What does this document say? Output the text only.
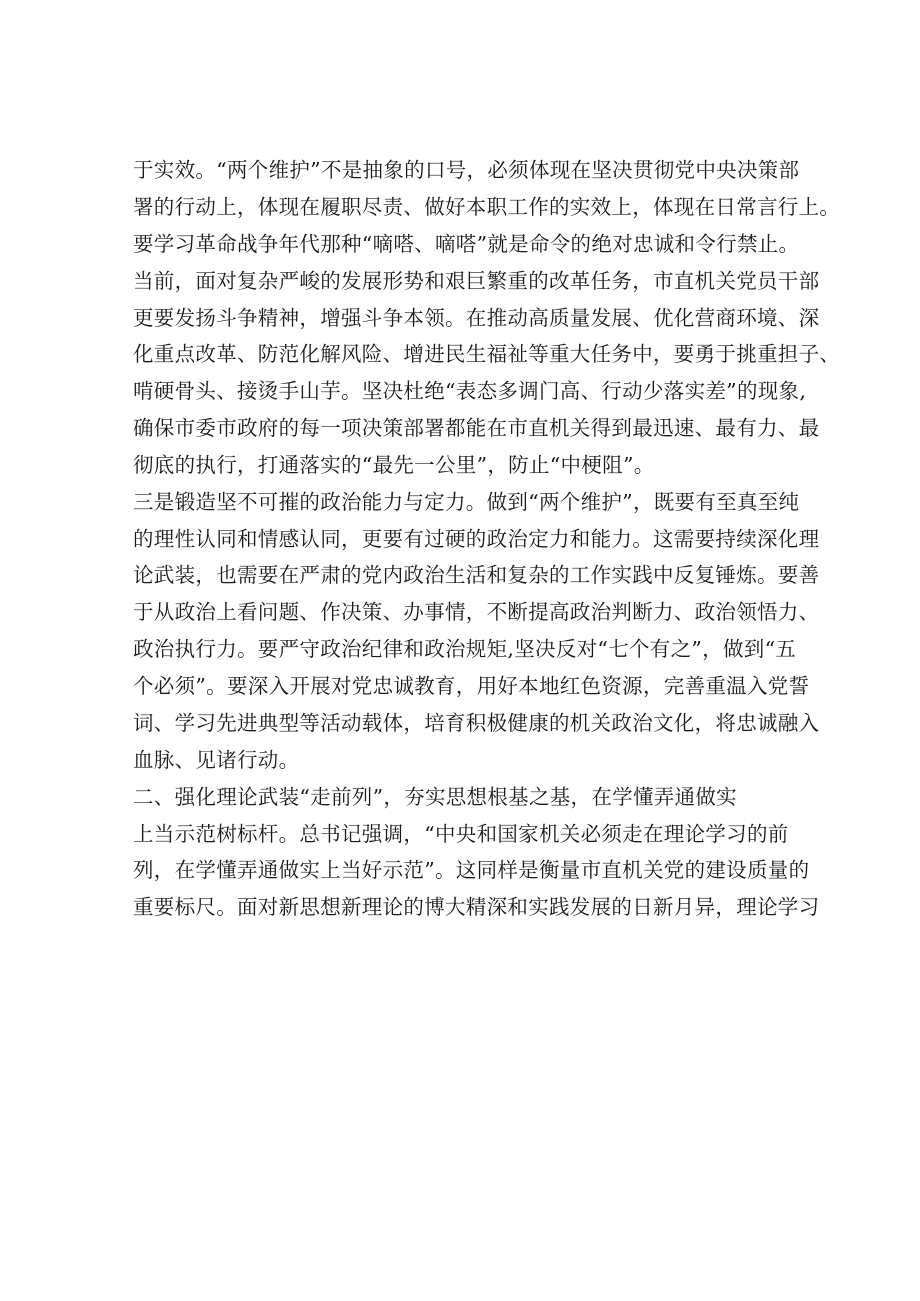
于实效。“两个维护”不是抽象的口号，必须体现在坚决贯彻党中央决策部
署的行动上，体现在履职尽责、做好本职工作的实效上，体现在日常言行上。
要学习革命战争年代那种“嘀嗒、嘀嗒”就是命令的绝对忠诚和令行禁止。
当前，面对复杂严峻的发展形势和艰巨繁重的改革任务，市直机关党员干部
更要发扬斗争精神，增强斗争本领。在推动高质量发展、优化营商环境、深
化重点改革、防范化解风险、增进民生福祉等重大任务中，要勇于挑重担子、
啃硬骨头、接烫手山芋。坚决杜绝“表态多调门高、行动少落实差”的现象,
确保市委市政府的每一项决策部署都能在市直机关得到最迅速、最有力、最
彻底的执行，打通落实的“最先一公里”，防止“中梗阻”。
三是锻造坚不可摧的政治能力与定力。做到“两个维护”，既要有至真至纯
的理性认同和情感认同，更要有过硬的政治定力和能力。这需要持续深化理
论武装，也需要在严肃的党内政治生活和复杂的工作实践中反复锤炼。要善
于从政治上看问题、作决策、办事情，不断提高政治判断力、政治领悟力、
政治执行力。要严守政治纪律和政治规矩,坚决反对“七个有之”，做到“五
个必须”。要深入开展对党忠诚教育，用好本地红色资源，完善重温入党誓
词、学习先进典型等活动载体，培育积极健康的机关政治文化，将忠诚融入
血脉、见诸行动。
二、强化理论武装“走前列”，夯实思想根基之基，在学懂弄通做实
上当示范树标杆。总书记强调，“中央和国家机关必须走在理论学习的前
列，在学懂弄通做实上当好示范”。这同样是衡量市直机关党的建设质量的
重要标尺。面对新思想新理论的博大精深和实践发展的日新月异，理论学习
